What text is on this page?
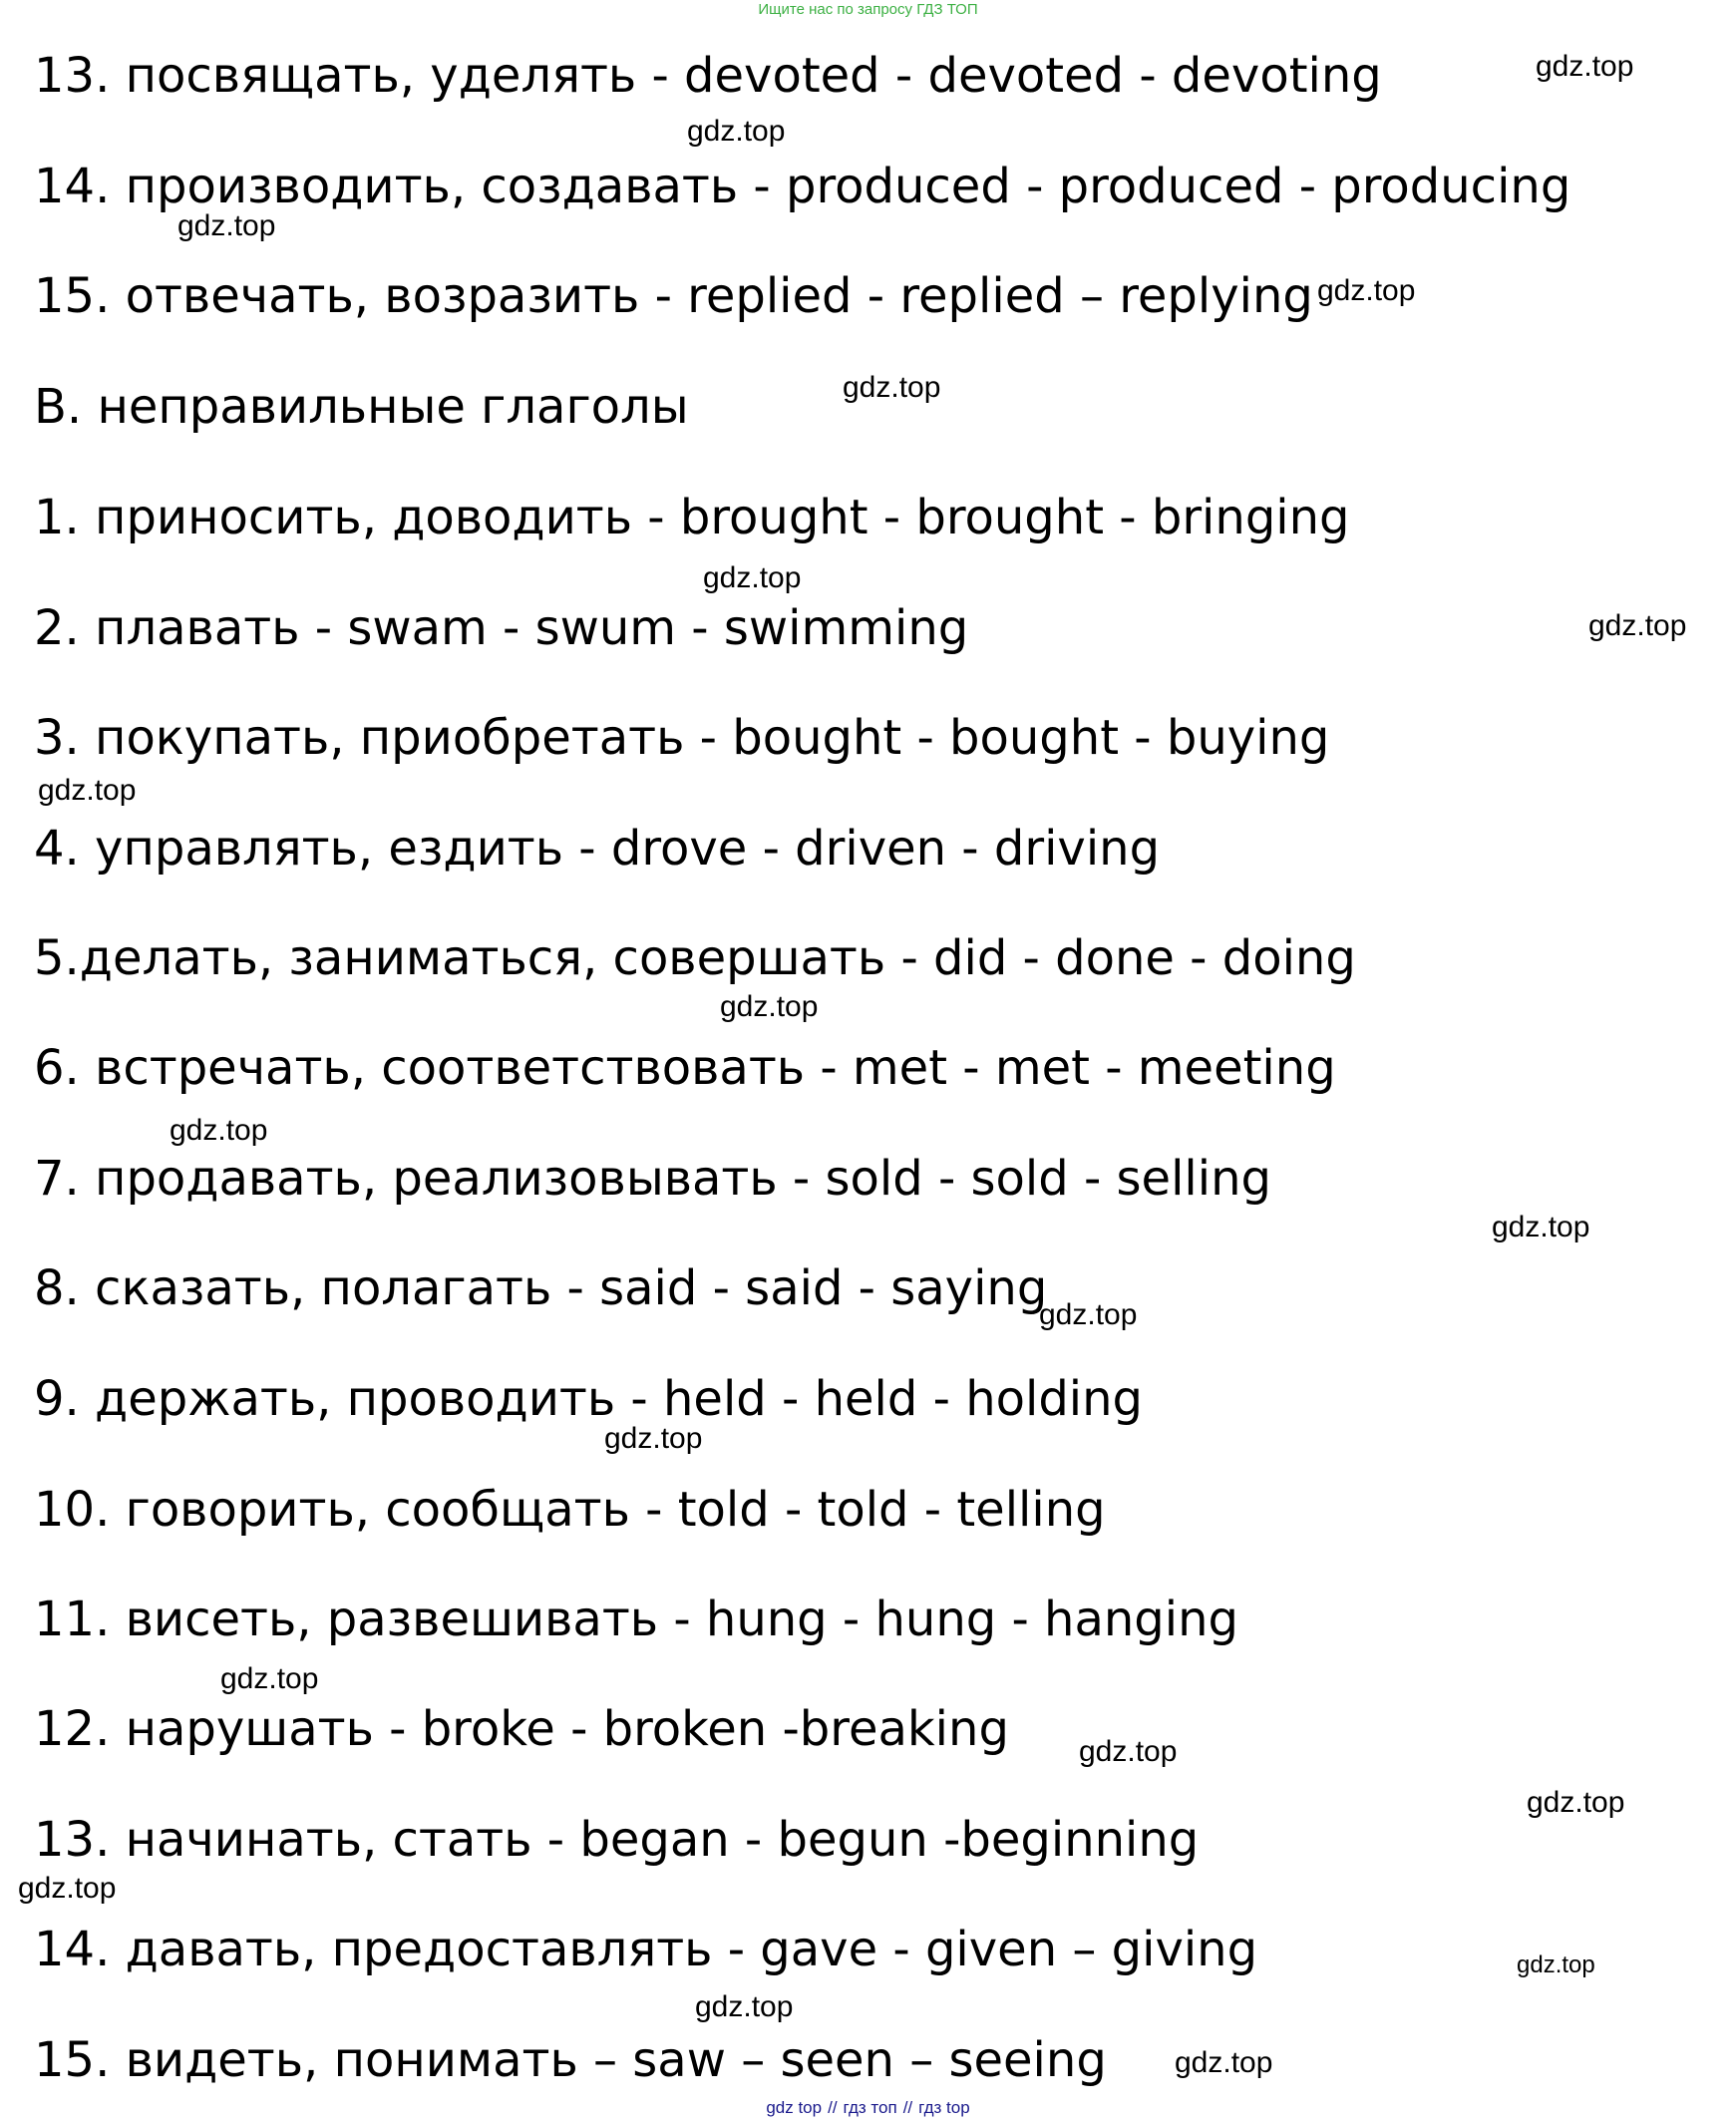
Ищите нас по запросу ГДЗ ТОП
13. посвящать, уделять - devoted - devoted - devoting
14. производить, создавать - produced - produced - producing
15. отвечать, возразить - replied - replied – replying
B. неправильные глаголы
1. приносить, доводить - brought - brought - bringing
2. плавать - swam - swum - swimming
3. покупать, приобретать - bought - bought - buying
4. управлять, ездить - drove - driven - driving
5.делать, заниматься, совершать - did - done - doing
6. встречать, соответствовать - met - met - meeting
7. продавать, реализовывать - sold - sold - selling
8. сказать, полагать - said - said - saying
9. держать, проводить - held - held - holding
10. говорить, сообщать - told - told - telling
11. висеть, развешивать - hung - hung - hanging
12. нарушать - broke - broken -breaking
13. начинать, стать - began - begun -beginning
14. давать, предоставлять - gave - given – giving
15. видеть, понимать – saw – seen – seeing
gdz.top
gdz.top
gdz.top
gdz.top
gdz.top
gdz.top
gdz.top
gdz.top
gdz.top
gdz.top
gdz.top
gdz.top
gdz.top
gdz.top
gdz.top
gdz.top
gdz.top
gdz.top
gdz.top
gdz.top
gdz top // гдз топ // гдз top
